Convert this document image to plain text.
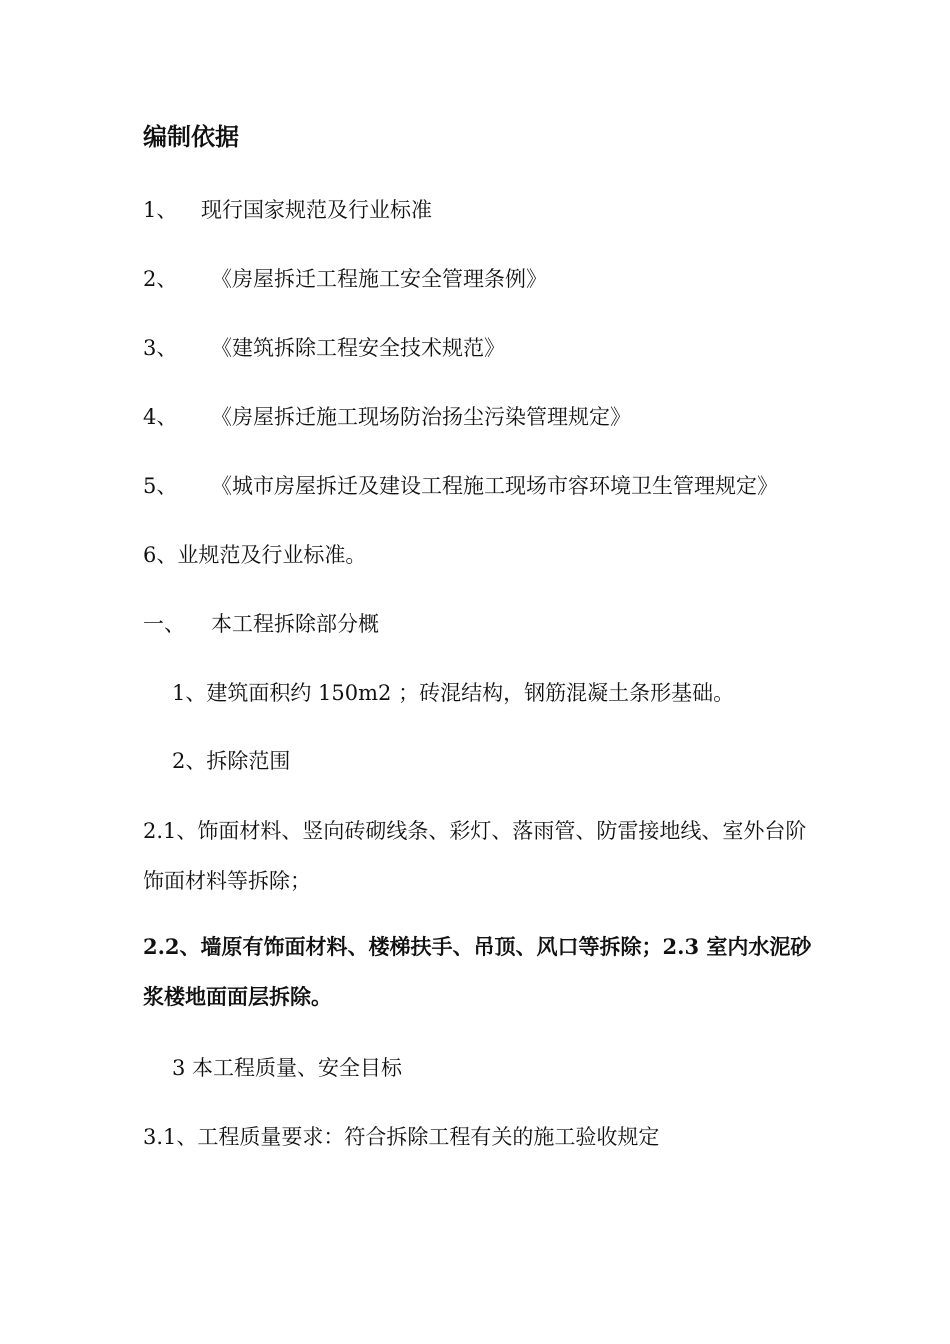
编制依据
1、 现行国家规范及行业标准
2、 《房屋拆迁工程施工安全管理条例》
3、 《建筑拆除工程安全技术规范》
4、 《房屋拆迁施工现场防治扬尘污染管理规定》
5、 《城市房屋拆迁及建设工程施工现场市容环境卫生管理规定》
6、业规范及行业标准。
一、 本工程拆除部分概
1、建筑面积约 150m2 ；砖混结构，钢筋混凝土条形基础。
2、拆除范围
2.1、饰面材料、竖向砖砌线条、彩灯、落雨管、防雷接地线、室外台阶饰面材料等拆除；
2.2、墙原有饰面材料、楼梯扶手、吊顶、风口等拆除；2.3 室内水泥砂浆楼地面面层拆除。
3 本工程质量、安全目标
3.1、工程质量要求：符合拆除工程有关的施工验收规定
